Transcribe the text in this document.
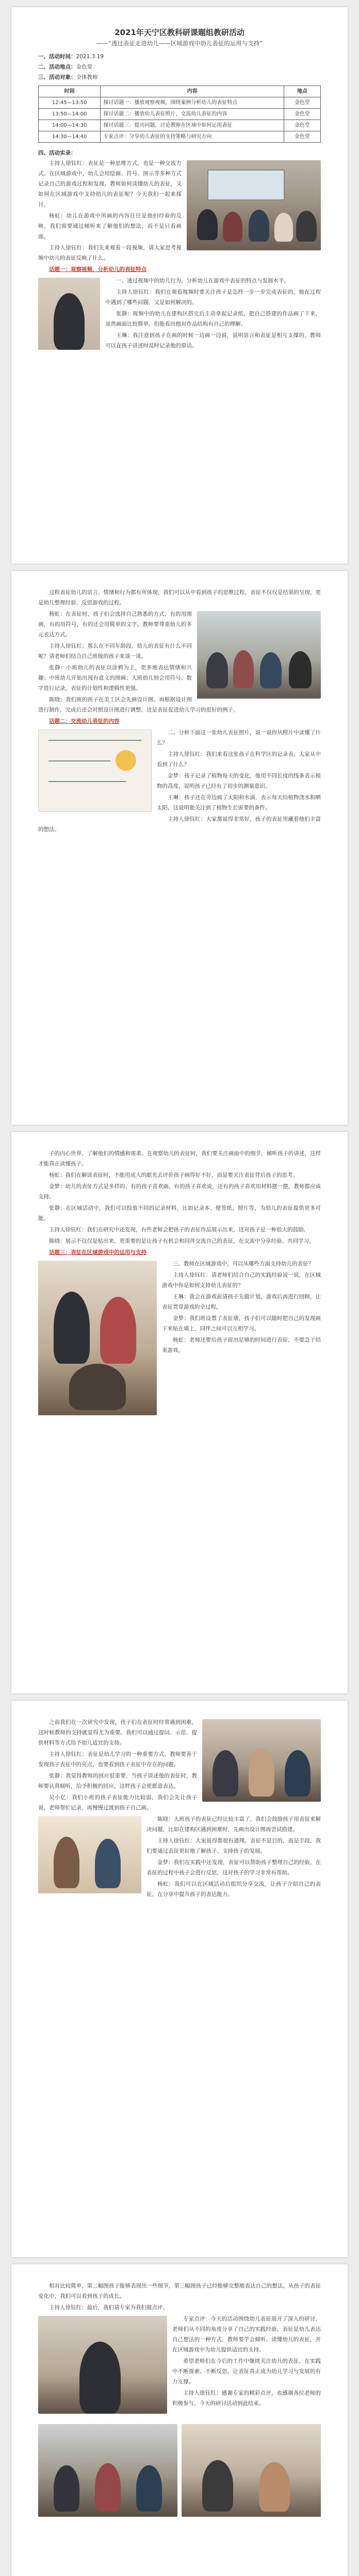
2021年天宁区教科研课题组教研活动
——“透过表征走进幼儿——区域游戏中幼儿表征的运用与支持”
一、活动时间：2021.3.19
二、活动地点：金色堂
三、活动对象：全体教师
时间	内容	地点
12:45—13:50	探讨话题一：播放观察视频，围绕案例分析幼儿的表征特点	金色堂
13:50—14:00	探讨话题二：播放幼儿表征照片，交流幼儿表征的内容	金色堂
14:00—14:30	探讨话题三：提出问题，讨论教师在区域中如何运用表征	金色堂
14:30—14:40	专家点评：分享幼儿表征的支持策略与研究方向	金色堂
四、活动实录：

主持人徐钰红：表征是一种思维方式，也是一种交流方式。在区域游戏中，幼儿会用绘画、符号、图示等多种方式记录自己的游戏过程和发现。教师如何读懂幼儿的表征，又如何在区域游戏中支持幼儿的表征呢？今天我们一起来探讨。

杨虹：幼儿在游戏中所画的内容往往是他们经验的反映，我们需要通过倾听来了解他们的想法，而不是只看画面。

主持人徐钰红：我们先来观看一段视频，请大家思考视频中幼儿的表征反映了什么。

话题一：观察视频，分析幼儿的表征特点

一、透过视频中的幼儿行为，分析幼儿在游戏中表征的特点与发展水平。

主持人徐钰红：我们在观看视频时要关注孩子是怎样一步一步完成表征的，他在过程中遇到了哪些问题，又是如何解决的。

张静：视频中的幼儿在建构区搭完后主动拿起记录纸，把自己搭建的作品画了下来，虽然画面比较简单，但能看出他对作品结构有自己的理解。

王琳：我注意到孩子在画的时候一边画一边说，说明语言和表征是相互支撑的，教师可以在孩子讲述时及时记录他的原话。

过程表征幼儿的语言、情绪和行为都有所体现，我们可以从中看到孩子的思维过程。表征不仅仅是结果的呈现，更是幼儿整理经验、反思游戏的过程。

杨虹：在表征时，孩子们会选择自己熟悉的方式，有的用图画，有的用符号，有的还会用简单的文字。教师要尊重幼儿的多元表达方式。

主持人徐钰红：那么在不同年龄段，幼儿的表征有什么不同呢？请老师们结合自己班级的孩子来谈一谈。

张静：小班幼儿的表征以涂鸦为主，更多地表达情绪和兴趣；中班幼儿开始出现有意义的图画；大班幼儿则会用符号、数字进行记录，表征的计划性和逻辑性更强。

陈晓：我们班的孩子在美工区会先画设计图，再根据设计图进行制作，完成后还会对照设计图进行调整，这是表征促进幼儿学习的很好的例子。

话题二：交流幼儿表征的内容

二、分析下面这一张幼儿表征照片，说一说你从照片中读懂了什么？

主持人徐钰红：我们来看这张孩子在科学区的记录表，大家从中看到了什么？

金梦：孩子记录了植物每天的变化，他用不同长度的线条表示植物的高度，说明孩子已经有了初步的测量意识。

王琳：孩子还在旁边画了太阳和水滴，表示每天给植物浇水和晒太阳，这说明他关注到了植物生长需要的条件。

主持人徐钰红：大家都说得非常好，孩子的表征里藏着他们丰富的想法。

子的内心世界，了解他们的情感和需求。在观察幼儿的表征时，我们要关注画面中的细节，倾听孩子的讲述，这样才能真正读懂孩子。

杨虹：我们在解读表征时，不能用成人的眼光去评价孩子画得好不好，而是要关注表征背后孩子的思考。

金梦：幼儿的表征方式是多样的，有的孩子喜欢画，有的孩子喜欢说，还有的孩子喜欢用材料摆一摆，教师都应该支持。

张静：在区域活动中，我们可以投放不同的记录材料，比如记录本、便签纸、照片等，为幼儿的表征提供更多可能。

主持人徐钰红：我们在研究中还发现，有些老师会把孩子的表征作品展示出来，这对孩子是一种很大的鼓励。

陈晓：展示不仅仅是贴出来，更重要的是让孩子有机会和同伴交流自己的表征，在交流中分享经验、共同学习。

话题三：表征在区域游戏中的运用与支持

三、教师在区域游戏中，可以从哪些方面支持幼儿的表征？

主持人徐钰红：请老师们结合自己的实践经验说一说，在区域游戏中你是如何支持幼儿表征的？

王琳：我会在游戏前请孩子先做计划，游戏后再进行回顾，让表征贯穿游戏的全过程。

金梦：我们班设置了表征墙，孩子们可以随时把自己的发现画下来贴在墙上，同伴之间可以互相学习。

杨虹：老师还要给孩子留出足够的时间进行表征，不要急于结束游戏。

之前我们在一次研究中发现，孩子们在表征时经常遇到困难，这时候教师的支持就显得尤为重要。我们可以通过提问、示范、提供材料等方式给予幼儿适宜的支持。

主持人徐钰红：表征是幼儿学习的一种重要方式，教师要善于发现孩子表征中的亮点，也要看到孩子表征中存在的问题。

张静：我觉得教师的回应很重要，当孩子讲述他的表征时，教师要认真倾听，给予积极的回应，这样孩子会更愿意表达。

吴小亿：我们小班的孩子表征能力比较弱，我们会先让孩子说，老师帮忙记录，再慢慢过渡到孩子自己画。

陈晓：大班孩子的表征已经比较丰富了，我们会鼓励孩子用表征来解决问题，比如在建构区遇到困难时，先画出设计图再尝试搭建。

主持人徐钰红：大家说得都很有道理。表征不是目的，而是手段，我们要通过表征更好地了解孩子、支持孩子的发展。

金梦：我们在实践中还发现，表征可以帮助孩子整理自己的经验，在表征的过程中孩子会进行反思，这对孩子的学习非常有帮助。

杨虹：我们可以在区域活动后组织分享交流，让孩子介绍自己的表征，在分享中提升孩子的表达能力。

相对比较简单，第二幅图孩子能够表现出一些细节，第三幅图孩子已经能够完整地表达自己的想法。从孩子的表征变化中，我们可以看到孩子的成长。

主持人徐钰红：最后，我们请专家为我们做点评。

专家点评：今天的活动围绕幼儿表征展开了深入的研讨，老师们从不同的角度分享了自己的实践经验。表征是幼儿表达自己想法的一种方式，教师要学会倾听、读懂幼儿的表征，并在区域游戏中为幼儿提供适宜的支持。

希望老师们在今后的工作中继续关注幼儿的表征，在实践中不断探索、不断反思，让表征真正成为幼儿学习与发展的有力支撑。

主持人徐钰红：感谢专家的精彩点评，也感谢各位老师的积极参与，今天的研讨活动到此结束。
